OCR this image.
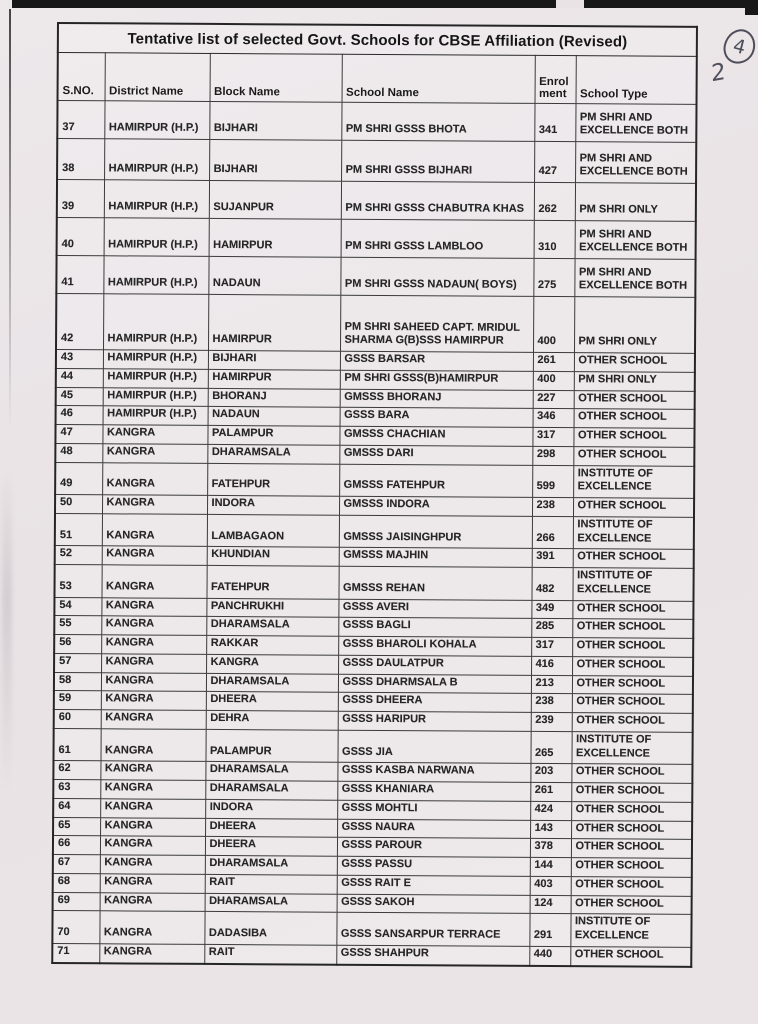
Tentative list of selected Govt. Schools for CBSE Affiliation (Revised)					
S.NO.	District Name	Block Name	School Name	Enrol ment	School Type
37	HAMIRPUR (H.P.)	BIJHARI	PM SHRI GSSS BHOTA	341	PM SHRI AND EXCELLENCE BOTH
38	HAMIRPUR (H.P.)	BIJHARI	PM SHRI GSSS BIJHARI	427	PM SHRI AND EXCELLENCE BOTH
39	HAMIRPUR (H.P.)	SUJANPUR	PM SHRI GSSS CHABUTRA KHAS	262	PM SHRI ONLY
40	HAMIRPUR (H.P.)	HAMIRPUR	PM SHRI GSSS LAMBLOO	310	PM SHRI AND EXCELLENCE BOTH
41	HAMIRPUR (H.P.)	NADAUN	PM SHRI GSSS NADAUN( BOYS)	275	PM SHRI AND EXCELLENCE BOTH
42	HAMIRPUR (H.P.)	HAMIRPUR	PM SHRI SAHEED CAPT. MRIDUL SHARMA G(B)SSS HAMIRPUR	400	PM SHRI ONLY
43	HAMIRPUR (H.P.)	BIJHARI	GSSS BARSAR	261	OTHER SCHOOL
44	HAMIRPUR (H.P.)	HAMIRPUR	PM SHRI GSSS(B)HAMIRPUR	400	PM SHRI ONLY
45	HAMIRPUR (H.P.)	BHORANJ	GMSSS BHORANJ	227	OTHER SCHOOL
46	HAMIRPUR (H.P.)	NADAUN	GSSS BARA	346	OTHER SCHOOL
47	KANGRA	PALAMPUR	GMSSS CHACHIAN	317	OTHER SCHOOL
48	KANGRA	DHARAMSALA	GMSSS DARI	298	OTHER SCHOOL
49	KANGRA	FATEHPUR	GMSSS FATEHPUR	599	INSTITUTE OF EXCELLENCE
50	KANGRA	INDORA	GMSSS INDORA	238	OTHER SCHOOL
51	KANGRA	LAMBAGAON	GMSSS JAISINGHPUR	266	INSTITUTE OF EXCELLENCE
52	KANGRA	KHUNDIAN	GMSSS MAJHIN	391	OTHER SCHOOL
53	KANGRA	FATEHPUR	GMSSS REHAN	482	INSTITUTE OF EXCELLENCE
54	KANGRA	PANCHRUKHI	GSSS AVERI	349	OTHER SCHOOL
55	KANGRA	DHARAMSALA	GSSS BAGLI	285	OTHER SCHOOL
56	KANGRA	RAKKAR	GSSS BHAROLI KOHALA	317	OTHER SCHOOL
57	KANGRA	KANGRA	GSSS DAULATPUR	416	OTHER SCHOOL
58	KANGRA	DHARAMSALA	GSSS DHARMSALA B	213	OTHER SCHOOL
59	KANGRA	DHEERA	GSSS DHEERA	238	OTHER SCHOOL
60	KANGRA	DEHRA	GSSS HARIPUR	239	OTHER SCHOOL
61	KANGRA	PALAMPUR	GSSS JIA	265	INSTITUTE OF EXCELLENCE
62	KANGRA	DHARAMSALA	GSSS KASBA NARWANA	203	OTHER SCHOOL
63	KANGRA	DHARAMSALA	GSSS KHANIARA	261	OTHER SCHOOL
64	KANGRA	INDORA	GSSS MOHTLI	424	OTHER SCHOOL
65	KANGRA	DHEERA	GSSS NAURA	143	OTHER SCHOOL
66	KANGRA	DHEERA	GSSS PAROUR	378	OTHER SCHOOL
67	KANGRA	DHARAMSALA	GSSS PASSU	144	OTHER SCHOOL
68	KANGRA	RAIT	GSSS RAIT E	403	OTHER SCHOOL
69	KANGRA	DHARAMSALA	GSSS SAKOH	124	OTHER SCHOOL
70	KANGRA	DADASIBA	GSSS SANSARPUR TERRACE	291	INSTITUTE OF EXCELLENCE
71	KANGRA	RAIT	GSSS SHAHPUR	440	OTHER SCHOOL
4
2
